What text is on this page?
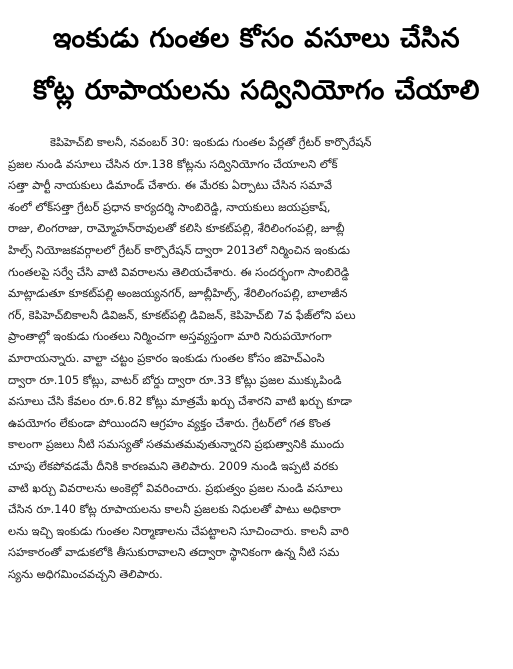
ఇంకుడు గుంతల కోసం వసూలు చేసిన
కోట్ల రూపాయలను సద్వినియోగం చేయాలి
కెపిహెచ్‌బి కాలనీ, నవంబర్ 30: ఇంకుడు గుంతల పేర్లతో గ్రేటర్ కార్పొరేషన్
ప్రజల నుండి వసూలు చేసిన రూ.138 కోట్లను సద్వినియోగం చేయాలని లోక్
సత్తా పార్టీ నాయకులు డిమాండ్ చేశారు. ఈ మేరకు ఏర్పాటు చేసిన సమావే
శంలో లోక్‌సత్తా గ్రేటర్ ప్రధాన కార్యదర్శి సాంబిరెడ్డి, నాయకులు జయప్రకాష్,
రాజు, లింగరాజు, రామ్మోహన్‌రావులతో కలిసి కూకట్‌పల్లి, శేరిలింగంపల్లి, జూబ్లీ
హిల్స్ నియోజకవర్గాలలో గ్రేటర్ కార్పొరేషన్ ద్వారా 2013లో నిర్మించిన ఇంకుడు
గుంతలపై సర్వే చేసి వాటి వివరాలను తెలియచేశారు. ఈ సందర్భంగా సాంబిరెడ్డి
మాట్లాడుతూ కూకట్‌పల్లి అంజయ్యనగర్, జూబ్లీహిల్స్, శేరిలింగంపల్లి, బాలాజీన
గర్, కెపిహెచ్‌బికాలనీ డివిజన్, కూకట్‌పల్లి డివిజన్, కెపిహెచ్‌బి 7వ ఫేజ్‌లోని పలు
ప్రాంతాల్లో ఇంకుడు గుంతలు నిర్మించగా అస్తవ్యస్తంగా మారి నిరుపయోగంగా
మారాయన్నారు. వాల్టా చట్టం ప్రకారం ఇంకుడు గుంతల కోసం జిహెచ్ఎంసి
ద్వారా రూ.105 కోట్లు, వాటర్ బోర్డు ద్వారా రూ.33 కోట్లు ప్రజల ముక్కుపిండి
వసూలు చేసి కేవలం రూ.6.82 కోట్లు మాత్రమే ఖర్చు చేశారని వాటి ఖర్చు కూడా
ఉపయోగం లేకుండా పోయిందని ఆగ్రహం వ్యక్తం చేశారు. గ్రేటర్‌లో గత కొంత
కాలంగా ప్రజలు నీటి సమస్యతో సతమతమవుతున్నారని ప్రభుత్వానికి ముందు
చూపు లేకపోవడమే దీనికి కారణమని తెలిపారు. 2009 నుండి ఇప్పటి వరకు
వాటి ఖర్చు వివరాలను అంకెల్లో వివరించారు. ప్రభుత్వం ప్రజల నుండి వసూలు
చేసిన రూ.140 కోట్ల రూపాయలను కాలనీ ప్రజలకు నిధులతో పాటు అధికారా
లను ఇచ్చి ఇంకుడు గుంతల నిర్మాణాలను చేపట్టాలని సూచించారు. కాలనీ వారి
సహకారంతో వాడుకలోకి తీసుకురావాలని తద్వారా స్థానికంగా ఉన్న నీటి సమ
స్యను అధిగమించవచ్చని తెలిపారు.
